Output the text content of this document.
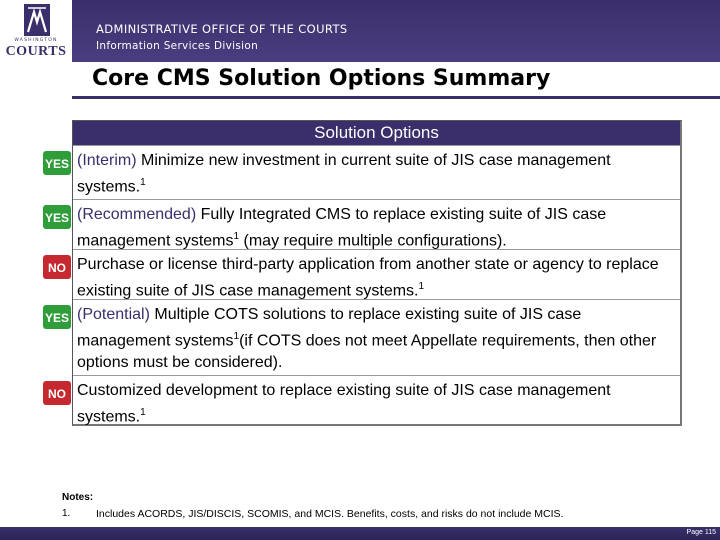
WASHINGTON
COURTS
ADMINISTRATIVE OFFICE OF THE COURTS
Information Services Division
Core CMS Solution Options Summary
Solution Options
(Interim) Minimize new investment in current suite of JIS case management systems.$^1$
(Recommended) Fully Integrated CMS to replace existing suite of JIS case management systems$^1$ (may require multiple configurations).
Purchase or license third-party application from another state or agency to replace existing suite of JIS case management systems.$^1$
(Potential) Multiple COTS solutions to replace existing suite of JIS case management systems$^1$(if COTS does not meet Appellate requirements, then other options must be considered).
Customized development to replace existing suite of JIS case management systems.$^1$
YES
YES
NO
YES
NO
Notes:
1. Includes ACORDS, JIS/DISCIS, SCOMIS, and MCIS. Benefits, costs, and risks do not include MCIS.
Page 115
